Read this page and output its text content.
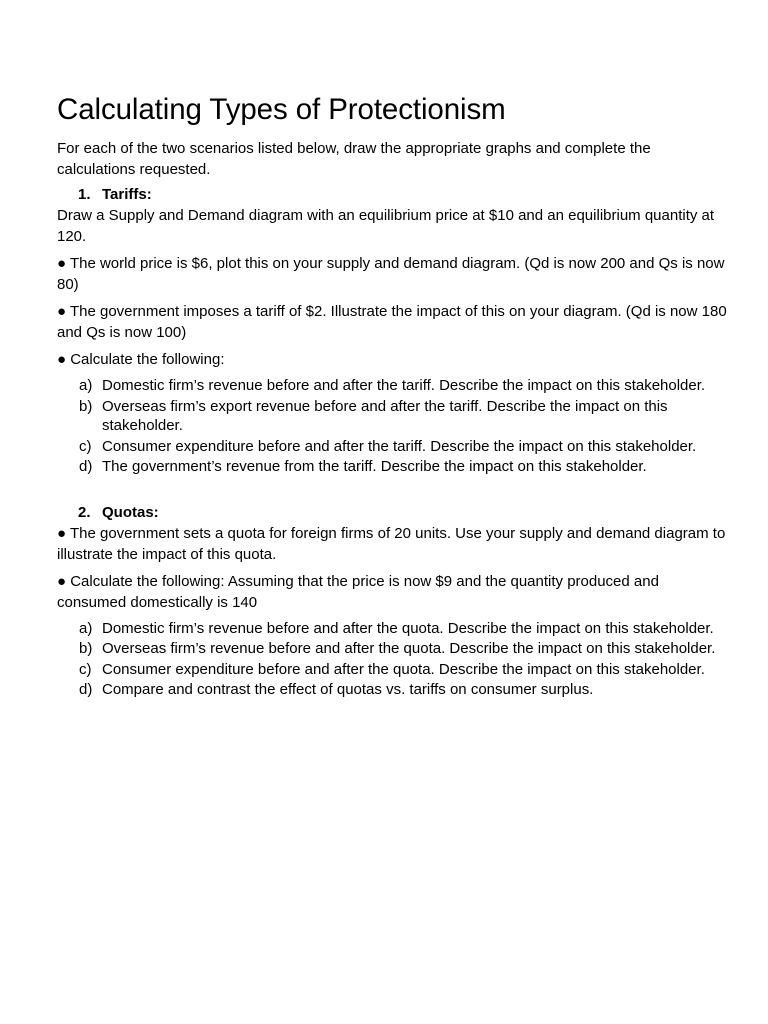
Calculating Types of Protectionism

For each of the two scenarios listed below, draw the appropriate graphs and complete the calculations requested.

1. Tariffs:

Draw a Supply and Demand diagram with an equilibrium price at $10 and an equilibrium quantity at 120.

● The world price is $6, plot this on your supply and demand diagram. (Qd is now 200 and Qs is now 80)

● The government imposes a tariff of $2. Illustrate the impact of this on your diagram. (Qd is now 180 and Qs is now 100)

● Calculate the following:

a) Domestic firm’s revenue before and after the tariff. Describe the impact on this stakeholder.
b) Overseas firm’s export revenue before and after the tariff. Describe the impact on this stakeholder.
c) Consumer expenditure before and after the tariff. Describe the impact on this stakeholder.
d) The government’s revenue from the tariff. Describe the impact on this stakeholder.
2. Quotas:

● The government sets a quota for foreign firms of 20 units. Use your supply and demand diagram to illustrate the impact of this quota.

● Calculate the following: Assuming that the price is now $9 and the quantity produced and consumed domestically is 140

a) Domestic firm’s revenue before and after the quota. Describe the impact on this stakeholder.
b) Overseas firm’s revenue before and after the quota. Describe the impact on this stakeholder.
c) Consumer expenditure before and after the quota. Describe the impact on this stakeholder.
d) Compare and contrast the effect of quotas vs. tariffs on consumer surplus.
